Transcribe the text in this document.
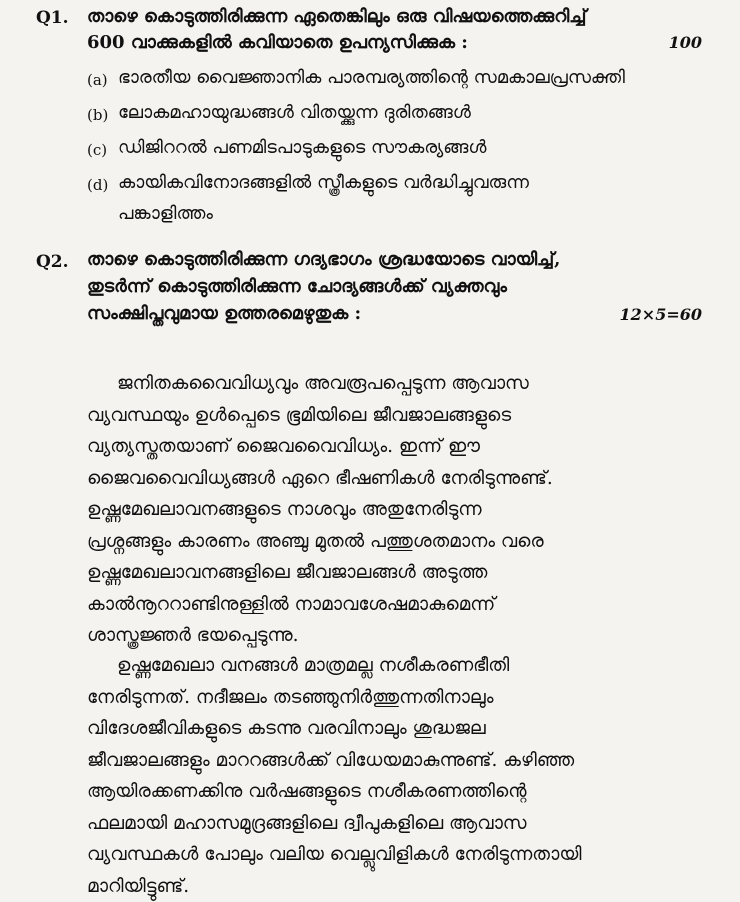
Q1. താഴെ കൊടുത്തിരിക്കുന്ന ഏതെങ്കിലും ഒരു വിഷയത്തെക്കുറിച്ച്
600 വാക്കുകളിൽ കവിയാതെ ഉപന്യസിക്കുക :	100
(a) ഭാരതീയ വൈജ്ഞാനിക പാരമ്പര്യത്തിന്റെ സമകാലപ്രസക്തി
(b) ലോകമഹായുദ്ധങ്ങൾ വിതയ്ക്കുന്ന ദുരിതങ്ങൾ
(c) ഡിജിററൽ പണമിടപാടുകളുടെ സൗകര്യങ്ങൾ
(d) കായികവിനോദങ്ങളിൽ സ്ത്രീകളുടെ വർദ്ധിച്ചുവരുന്ന
പങ്കാളിത്തം
Q2. താഴെ കൊടുത്തിരിക്കുന്ന ഗദ്യഭാഗം ശ്രദ്ധയോടെ വായിച്ച്,
തുടർന്ന് കൊടുത്തിരിക്കുന്ന ചോദ്യങ്ങൾക്ക് വ്യക്തവും
സംക്ഷിപ്തവുമായ ഉത്തരമെഴുതുക :	12×5=60
ജനിതകവൈവിധ്യവും അവരൂപപ്പെടുന്ന ആവാസ
വ്യവസ്ഥയും ഉൾപ്പെടെ ഭൂമിയിലെ ജീവജാലങ്ങളുടെ
വ്യത്യസ്തതയാണ് ജൈവവൈവിധ്യം. ഇന്ന് ഈ
ജൈവവൈവിധ്യങ്ങൾ ഏറെ ഭീഷണികൾ നേരിടുന്നുണ്ട്.
ഉഷ്ണമേഖലാവനങ്ങളുടെ നാശവും അതുനേരിടുന്ന
പ്രശ്നങ്ങളും കാരണം അഞ്ചു മുതൽ പത്തുശതമാനം വരെ
ഉഷ്ണമേഖലാവനങ്ങളിലെ ജീവജാലങ്ങൾ അടുത്ത
കാൽനൂററാണ്ടിനുള്ളിൽ നാമാവശേഷമാകുമെന്ന്
ശാസ്ത്രജ്ഞർ ഭയപ്പെടുന്നു.
ഉഷ്ണമേഖലാ വനങ്ങൾ മാത്രമല്ല നശീകരണഭീതി
നേരിടുന്നത്. നദീജലം തടഞ്ഞുനിർത്തുന്നതിനാലും
വിദേശജീവികളുടെ കടന്നു വരവിനാലും ശുദ്ധജല
ജീവജാലങ്ങളും മാററങ്ങൾക്ക് വിധേയമാകുന്നുണ്ട്. കഴിഞ്ഞ
ആയിരക്കണക്കിനു വർഷങ്ങളുടെ നശീകരണത്തിന്റെ
ഫലമായി മഹാസമുദ്രങ്ങളിലെ ദ്വീപുകളിലെ ആവാസ
വ്യവസ്ഥകൾ പോലും വലിയ വെല്ലുവിളികൾ നേരിടുന്നതായി
മാറിയിട്ടുണ്ട്.
